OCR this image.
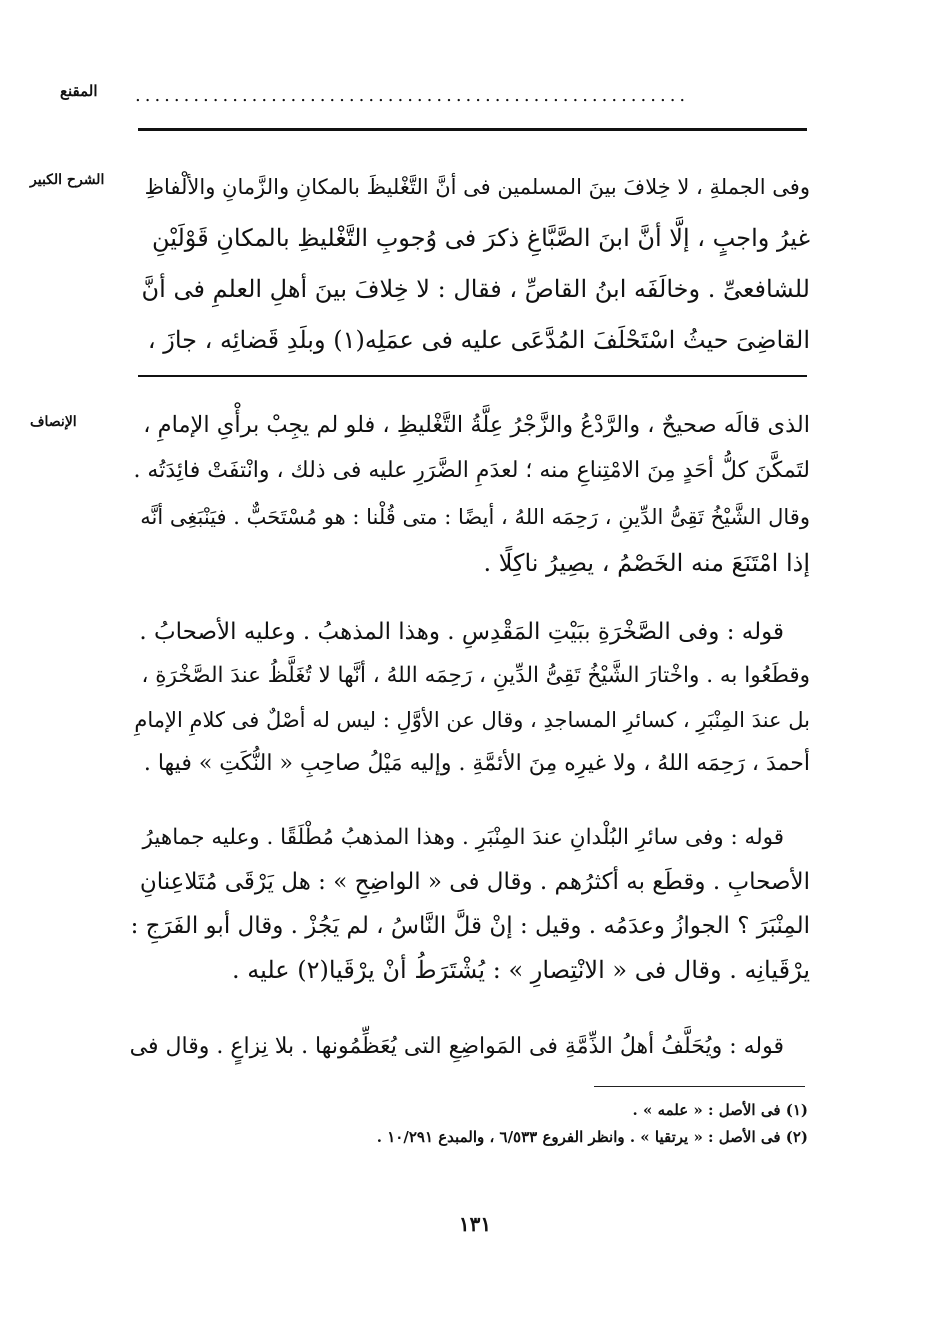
المقنع	.........................................................
الشرح الكبير	وفى الجملةِ ، لا خِلافَ بينَ المسلمين فى أنَّ التَّغْليظَ بالمكانِ والزَّمانِ والألْفاظِ
غيرُ واجبٍ ، إلَّا أنَّ ابنَ الصَّبَّاغِ ذكرَ فى وُجوبِ التَّغْليظِ بالمكانِ قَوْلَيْنِ
للشافعىِّ . وخالَفَه ابنُ القاصِّ ، فقال : لا خِلافَ بينَ أهلِ العلمِ فى أنَّ
القاضِىَ حيثُ اسْتَحْلَفَ المُدَّعَى عليه فى عمَلِه(١) وبلَدِ قَضائِه ، جازَ ،
الإنصاف	الذى قالَه صحيحٌ ، والرَّدْعُ والزَّجْرُ عِلَّةُ التَّغْليظِ ، فلو لم يجِبْ برأْىِ الإمامِ ،
لتَمكَّنَ كلُّ أحَدٍ مِنَ الامْتِناعِ منه ؛ لعدَمِ الضَّرَرِ عليه فى ذلك ، وانْتفَتْ فائِدَتُه .
وقال الشَّيْخُ تَقِىُّ الدِّينِ ، رَحِمَه اللهُ ، أيضًا : متى قُلْنا : هو مُسْتَحَبٌّ . فيَنْبَغِى أنَّه
إذا امْتَنَعَ منه الخَصْمُ ، يصِيرُ ناكِلًا .
قوله : وفى الصَّخْرَةِ ببَيْتِ المَقْدِسِ . وهذا المذهبُ . وعليه الأصحابُ .
وقطَعُوا به . واخْتارَ الشَّيْخُ تَقِىُّ الدِّينِ ، رَحِمَه اللهُ ، أنَّها لا تُغَلَّظُ عندَ الصَّخْرَةِ ،
بل عندَ المِنْبَرِ ، كسائرِ المساجدِ ، وقال عن الأوَّلِ : ليس له أصْلٌ فى كلامِ الإمامِ
أحمدَ ، رَحِمَه اللهُ ، ولا غيرِه مِنَ الأئمَّةِ . وإليه مَيْلُ صاحِبِ « النُّكَتِ » فيها .
قوله : وفى سائرِ البُلْدانِ عندَ المِنْبَرِ . وهذا المذهبُ مُطْلَقًا . وعليه جماهيرُ
الأصحابِ . وقطَع به أكثرُهم . وقال فى « الواضِحِ » : هل يَرْقَى مُتَلاعِنانِ
المِنْبَرَ ؟ الجوازُ وعدَمُه . وقيل : إنْ قلَّ النَّاسُ ، لم يَجُزْ . وقال أبو الفَرَجِ :
يرْقَيانِه . وقال فى « الانْتِصارِ » : يُشْتَرَطُ أنْ يرْقَيا(٢) عليه .
قوله : ويُحَلَّفُ أهلُ الذِّمَّةِ فى المَواضِعِ التى يُعَظِّمُونها . بلا نِزاعٍ . وقال فى
(١) فى الأصل : « علمه » .
(٢) فى الأصل : « يرتقيا » . وانظر الفروع ٦/٥٣٣ ، والمبدع ١٠/٢٩١ .
١٣١
